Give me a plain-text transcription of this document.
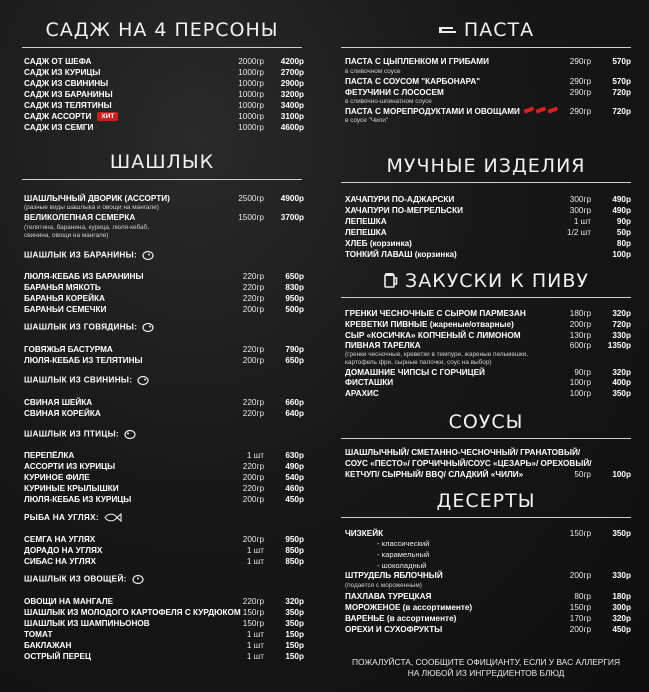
САДЖ НА 4 ПЕРСОНЫ
САДЖ ОТ ШЕФА	2000гр 4200р
САДЖ ИЗ КУРИЦЫ	1000гр 2700р
САДЖ ИЗ СВИНИНЫ	1000гр 2900р
САДЖ ИЗ БАРАНИНЫ	1000гр 3200р
САДЖ ИЗ ТЕЛЯТИНЫ	1000гр 3400р
САДЖ АССОРТИ ХИТ	1000гр 3100р
САДЖ ИЗ СЕМГИ	1000гр 4600р
ШАШЛЫК
ШАШЛЫЧНЫЙ ДВОРИК (АССОРТИ)	2500гр 4900р
(разные виды шашлыка и овощи на мангале)
ВЕЛИКОЛЕПНАЯ СЕМЕРКА	1500гр 3700р
(телятина, баранина, курица, люля-кебаб,
свинина, овощи на мангале)
ШАШЛЫК ИЗ БАРАНИНЫ:
ЛЮЛЯ-КЕБАБ ИЗ БАРАНИНЫ	220гр	650р
БАРАНЬЯ МЯКОТЬ	220гр	830р
БАРАНЬЯ КОРЕЙКА	220гр	950р
БАРАНЬИ СЕМЕЧКИ	200гр	500р
ШАШЛЫК ИЗ ГОВЯДИНЫ:
ГОВЯЖЬЯ БАСТУРМА	220гр	790р
ЛЮЛЯ-КЕБАБ ИЗ ТЕЛЯТИНЫ	200гр	650р
ШАШЛЫК ИЗ СВИНИНЫ:
СВИНАЯ ШЕЙКА	220гр	660р
СВИНАЯ КОРЕЙКА	220гр	640р
ШАШЛЫК ИЗ ПТИЦЫ:
ПЕРЕПЁЛКА	1 шт	630р
АССОРТИ ИЗ КУРИЦЫ	220гр	490р
КУРИНОЕ ФИЛЕ	200гр	540р
КУРИНЫЕ КРЫЛЫШКИ	220гр	460р
ЛЮЛЯ-КЕБАБ ИЗ КУРИЦЫ	200гр	450р
РЫБА НА УГЛЯХ:
СЕМГА НА УГЛЯХ	200гр	950р
ДОРАДО НА УГЛЯХ	1 шт	850р
СИБАС НА УГЛЯХ	1 шт	850р
ШАШЛЫК ИЗ ОВОЩЕЙ:
ОВОЩИ НА МАНГАЛЕ	220гр	320р
ШАШЛЫК ИЗ МОЛОДОГО КАРТОФЕЛЯ С КУРДЮКОМ 150гр	350р
ШАШЛЫК ИЗ ШАМПИНЬОНОВ	150гр	350р
ТОМАТ	1 шт	150р
БАКЛАЖАН	1 шт	150р
ОСТРЫЙ ПЕРЕЦ	1 шт	150р
ПАСТА
ПАСТА С ЦЫПЛЕНКОМ И ГРИБАМИ	290гр	570р
в сливочном соусе
ПАСТА С СОУСОМ "КАРБОНАРА"	290гр	570р
ФЕТУЧИНИ С ЛОСОСЕМ	290гр	720р
в сливочно-шпинатном соусе
ПАСТА С МОРЕПРОДУКТАМИ И ОВОЩАМИ	290гр	720р
в соусе "Чили"
МУЧНЫЕ ИЗДЕЛИЯ
ХАЧАПУРИ ПО-АДЖАРСКИ	300гр	490р
ХАЧАПУРИ ПО-МЕГРЕЛЬСКИ	300гр	490р
ЛЕПЕШКА	1 шт	90р
ЛЕПЕШКА	1/2 шт	50р
ХЛЕБ (корзинка)	80р
ТОНКИЙ ЛАВАШ (корзинка)	100р
ЗАКУСКИ К ПИВУ
ГРЕНКИ ЧЕСНОЧНЫЕ С СЫРОМ ПАРМЕЗАН	180гр	320р
КРЕВЕТКИ ПИВНЫЕ (жареные/отварные)	200гр	720р
СЫР «КОСИЧКА» КОПЧЕНЫЙ С ЛИМОНОМ	130гр	330р
ПИВНАЯ ТАРЕЛКА	600гр 1350р
(гренки чесночные, креветки в темпуре, жареные пельмешки,
картофель фри, сырные палочки, соус на выбор)
ДОМАШНИЕ ЧИПСЫ С ГОРЧИЦЕЙ	90гр	320р
ФИСТАШКИ	100гр	400р
АРАХИС	100гр	350р
СОУСЫ
ШАШЛЫЧНЫЙ/ СМЕТАННО-ЧЕСНОЧНЫЙ/ ГРАНАТОВЫЙ/
СОУС «ПЕСТО»/ ГОРЧИЧНЫЙ/СОУС «ЦЕЗАРЬ»/ ОРЕХОВЫЙ/
КЕТЧУП/ СЫРНЫЙ/ BBQ/ СЛАДКИЙ «ЧИЛИ»	50гр	100р
ДЕСЕРТЫ
ЧИЗКЕЙК	150гр	350р
- классический
- карамельный
- шоколадный
ШТРУДЕЛЬ ЯБЛОЧНЫЙ	200гр	330р
(подается с мороженным)
ПАХЛАВА ТУРЕЦКАЯ	80гр	180р
МОРОЖЕНОЕ (в ассортименте)	150гр	300р
ВАРЕНЬЕ (в ассортименте)	170гр	320р
ОРЕХИ И СУХОФРУКТЫ	200гр	450р
ПОЖАЛУЙСТА, СООБЩИТЕ ОФИЦИАНТУ, ЕСЛИ У ВАС АЛЛЕРГИЯ
НА ЛЮБОЙ ИЗ ИНГРЕДИЕНТОВ БЛЮД
